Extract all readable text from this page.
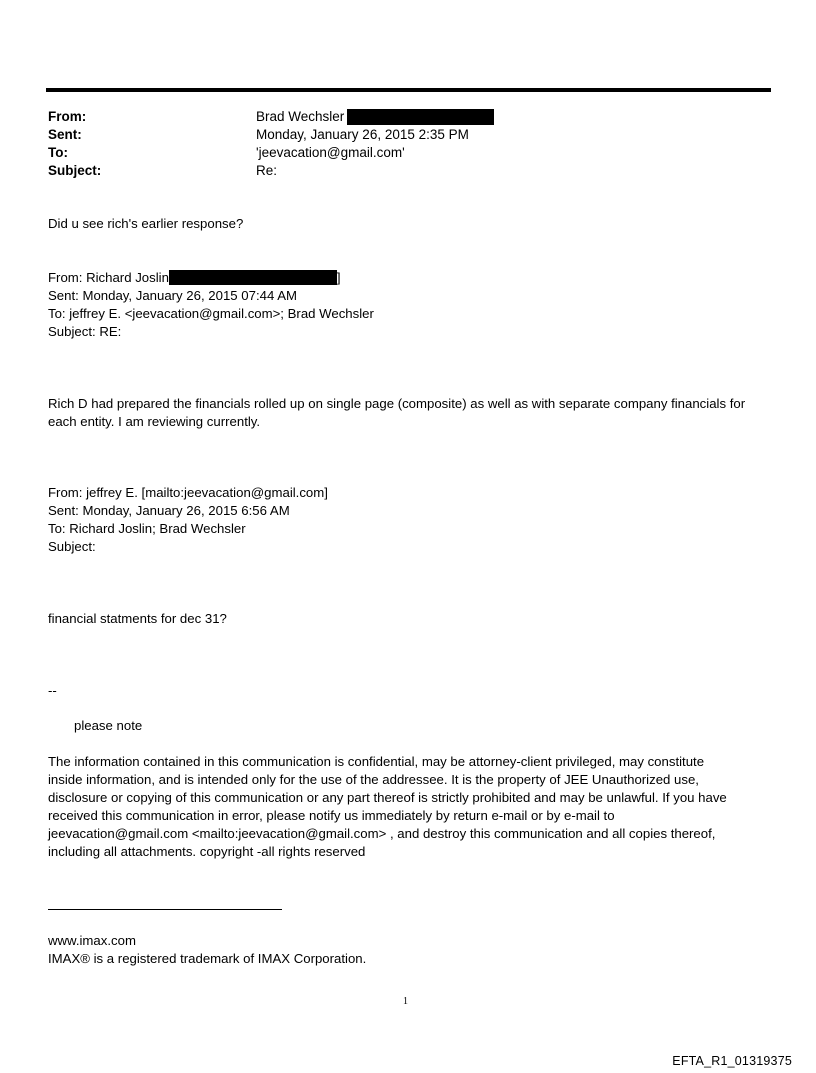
From:	Brad Wechsler
Sent:	Monday, January 26, 2015 2:35 PM
To:	'jeevacation@gmail.com'
Subject:	Re:
Did u see rich's earlier response?
From: Richard Joslin	]
Sent: Monday, January 26, 2015 07:44 AM
To: jeffrey E. <jeevacation@gmail.com>; Brad Wechsler
Subject: RE:
Rich D had prepared the financials rolled up on single page (composite) as well as with separate company financials for
each entity. I am reviewing currently.
From: jeffrey E. [mailto:jeevacation@gmail.com]
Sent: Monday, January 26, 2015 6:56 AM
To: Richard Joslin; Brad Wechsler
Subject:
financial statments for dec 31?
--
please note
The information contained in this communication is confidential, may be attorney-client privileged, may constitute
inside information, and is intended only for the use of the addressee. It is the property of JEE Unauthorized use,
disclosure or copying of this communication or any part thereof is strictly prohibited and may be unlawful. If you have
received this communication in error, please notify us immediately by return e-mail or by e-mail to
jeevacation@gmail.com <mailto:jeevacation@gmail.com> , and destroy this communication and all copies thereof,
including all attachments. copyright -all rights reserved
www.imax.com
IMAX® is a registered trademark of IMAX Corporation.
1
EFTA_R1_01319375
